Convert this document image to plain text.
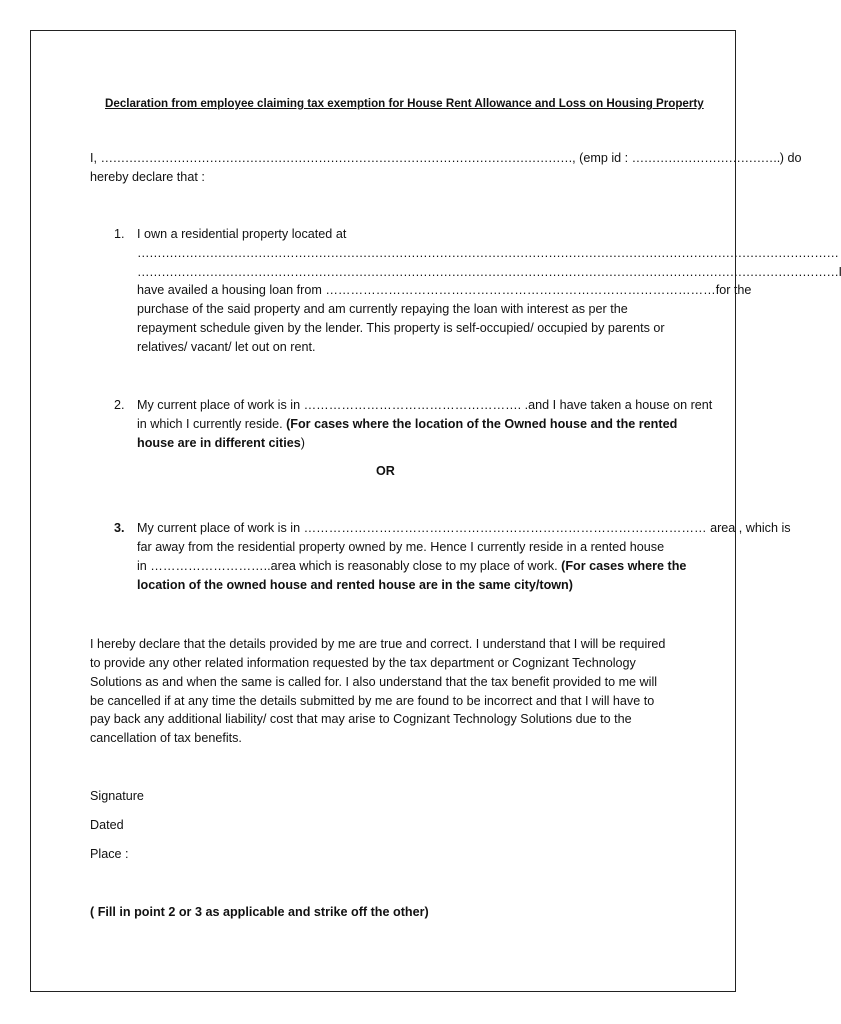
Declaration from employee claiming tax exemption for House Rent Allowance and Loss on Housing Property
I, ………………………………………………………………………………………………………, (emp id : ……………………………….) do
hereby declare that :
1. I own a residential property located at
…………………………………………………………………………………………………………………………………………………………
…………………………………………………………………………………………………………………………………………………………I
have availed a housing loan from …………………………………………………………………………………for the
purchase of the said property and am currently repaying the loan with interest as per the
repayment schedule given by the lender. This property is self-occupied/ occupied by parents or
relatives/ vacant/ let out on rent.
2. My current place of work is in ……………………………………………. .and I have taken a house on rent
in which I currently reside. (For cases where the location of the Owned house and the rented
house are in different cities)
OR
3. My current place of work is in …………………………………………………………………………………… area , which is
far away from the residential property owned by me. Hence I currently reside in a rented house
in ………………………..area which is reasonably close to my place of work. (For cases where the
location of the owned house and rented house are in the same city/town)
I hereby declare that the details provided by me are true and correct. I understand that I will be required
to provide any other related information requested by the tax department or Cognizant Technology
Solutions as and when the same is called for. I also understand that the tax benefit provided to me will
be cancelled if at any time the details submitted by me are found to be incorrect and that I will have to
pay back any additional liability/ cost that may arise to Cognizant Technology Solutions due to the
cancellation of tax benefits.
Signature
Dated
Place :
( Fill in point 2 or 3 as applicable and strike off the other)
